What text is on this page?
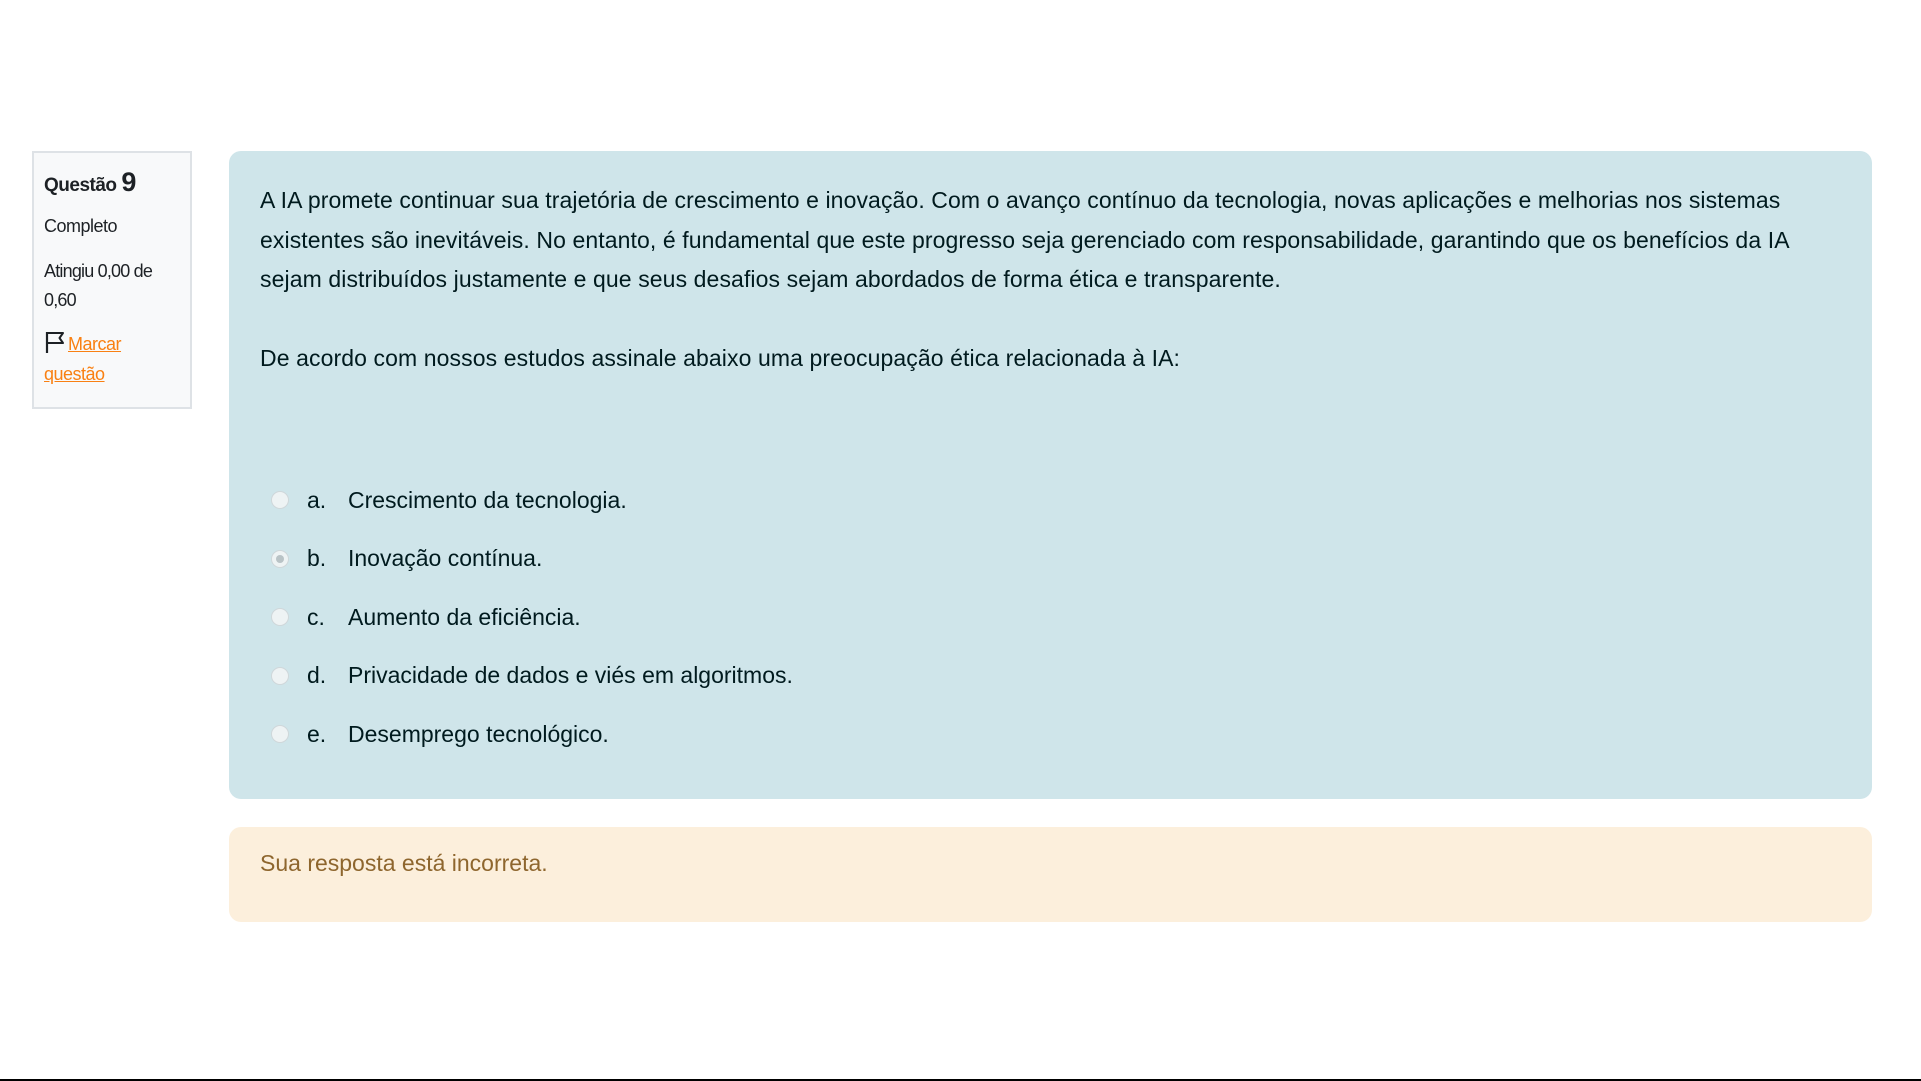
Questão 9
Completo
Atingiu 0,00 de 0,60
Marcar questão

A IA promete continuar sua trajetória de crescimento e inovação. Com o avanço contínuo da tecnologia, novas aplicações e melhorias nos sistemas existentes são inevitáveis. No entanto, é fundamental que este progresso seja gerenciado com responsabilidade, garantindo que os benefícios da IA sejam distribuídos justamente e que seus desafios sejam abordados de forma ética e transparente.

De acordo com nossos estudos assinale abaixo uma preocupação ética relacionada à IA:

a. Crescimento da tecnologia.
b. Inovação contínua.
c.	Aumento da eficiência.
d. Privacidade de dados e viés em algoritmos.
e. Desemprego tecnológico.
Sua resposta está incorreta.
